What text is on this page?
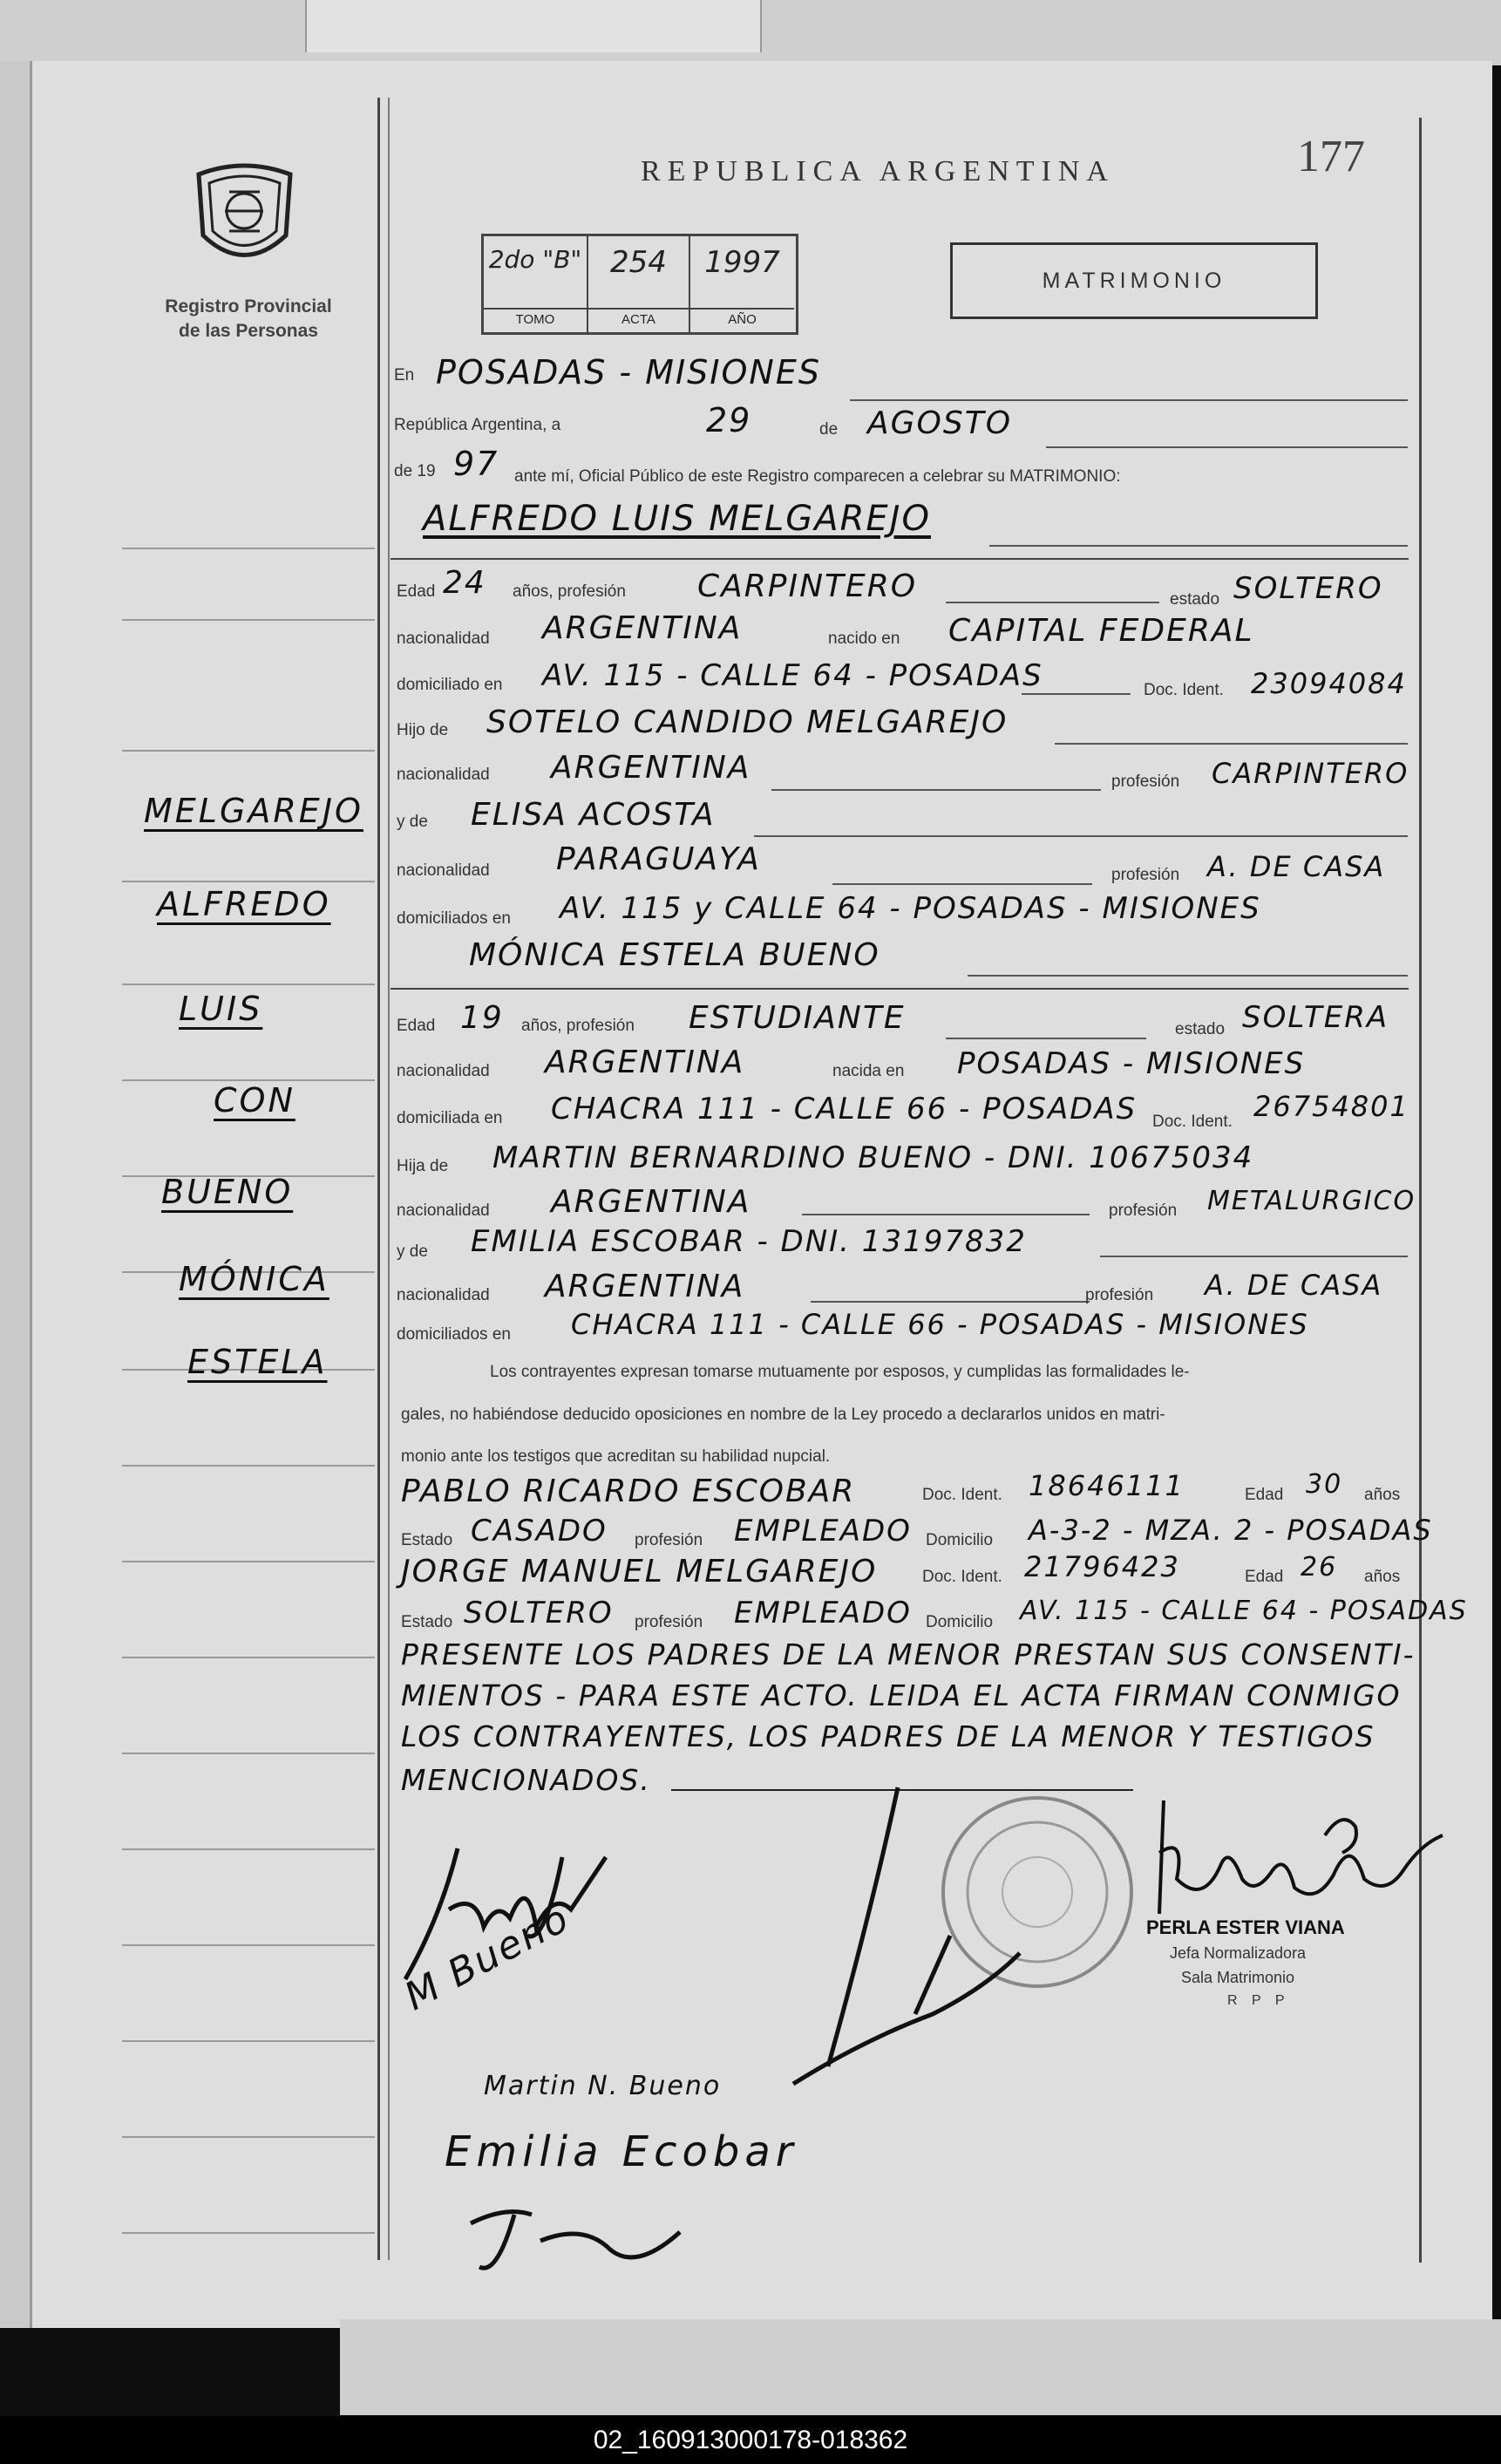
Registro Provincial
de las Personas
REPUBLICA ARGENTINA	177
2do "B"
TOMO
254
ACTA
1997
AÑO
MATRIMONIO
En POSADAS - MISIONES
República Argentina, a	29	de AGOSTO
de 19 97 ante mí, Oficial Público de este Registro comparecen a celebrar su MATRIMONIO:
ALFREDO LUIS MELGAREJO
Edad 24 años, profesión CARPINTERO	estado SOLTERO
nacionalidad ARGENTINA	nacido en CAPITAL FEDERAL
domiciliado en AV. 115 - CALLE 64 - POSADAS	Doc. Ident. 23094084
Hijo de SOTELO CANDIDO MELGAREJO
nacionalidad ARGENTINA	profesión CARPINTERO
y de ELISA ACOSTA
nacionalidad PARAGUAYA	profesión A. DE CASA
domiciliados en AV. 115 y CALLE 64 - POSADAS - MISIONES
MÓNICA ESTELA BUENO
Edad 19 años, profesión ESTUDIANTE	estado SOLTERA
nacionalidad ARGENTINA	nacida en POSADAS - MISIONES
domiciliada en CHACRA 111 - CALLE 66 - POSADAS Doc. Ident. 26754801
Hija de MARTIN BERNARDINO BUENO - DNI. 10675034
nacionalidad ARGENTINA	profesión METALURGICO
y de EMILIA ESCOBAR - DNI. 13197832
nacionalidad ARGENTINA	profesión A. DE CASA
domiciliados en CHACRA 111 - CALLE 66 - POSADAS - MISIONES
Los contrayentes expresan tomarse mutuamente por esposos, y cumplidas las formalidades le-
gales, no habiéndose deducido oposiciones en nombre de la Ley procedo a declararlos unidos en matri-
monio ante los testigos que acreditan su habilidad nupcial.
PABLO RICARDO ESCOBAR	Doc. Ident. 18646111	Edad 30 años
Estado CASADO profesión EMPLEADO Domicilio A-3-2 - MZA. 2 - POSADAS
JORGE MANUEL MELGAREJO	Doc. Ident. 21796423	Edad 26 años
Estado SOLTERO profesión EMPLEADO Domicilio AV. 115 - CALLE 64 - POSADAS
PRESENTE LOS PADRES DE LA MENOR PRESTAN SUS CONSENTI-
MIENTOS - PARA ESTE ACTO. LEIDA EL ACTA FIRMAN CONMIGO
LOS CONTRAYENTES, LOS PADRES DE LA MENOR Y TESTIGOS
MENCIONADOS.
PERLA ESTER VIANA
Jefa Normalizadora
Sala Matrimonio
R P P
M Bueno
Martin N. Bueno
Emilia Ecobar
MELGAREJO
ALFREDO
LUIS
CON
BUENO
MÓNICA
ESTELA
02_160913000178-018362
